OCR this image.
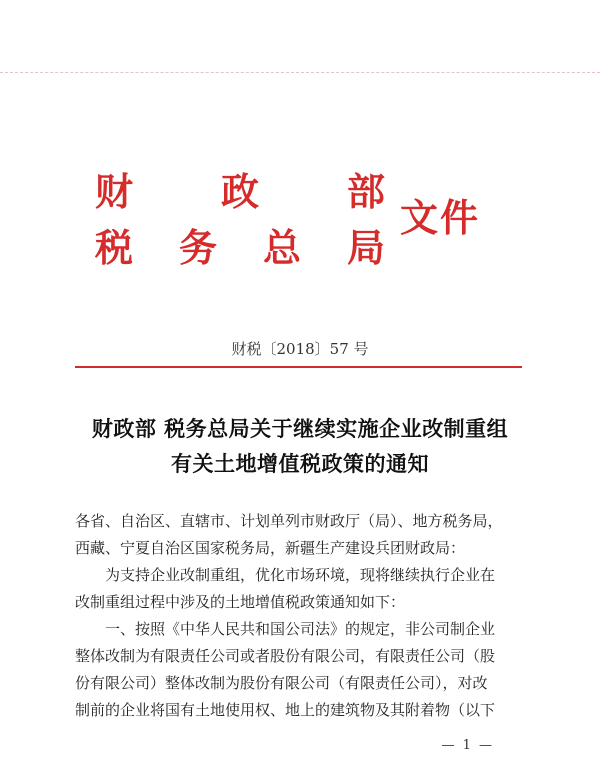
财 政 部
税 务 总 局
文件
财税〔2018〕57 号
财政部 税务总局关于继续实施企业改制重组
有关土地增值税政策的通知
各省、自治区、直辖市、计划单列市财政厅（局）、地方税务局，
西藏、宁夏自治区国家税务局，新疆生产建设兵团财政局：
为支持企业改制重组，优化市场环境，现将继续执行企业在
改制重组过程中涉及的土地增值税政策通知如下：
一、按照《中华人民共和国公司法》的规定，非公司制企业
整体改制为有限责任公司或者股份有限公司，有限责任公司（股
份有限公司）整体改制为股份有限公司（有限责任公司），对改
制前的企业将国有土地使用权、地上的建筑物及其附着物（以下
— 1 —
